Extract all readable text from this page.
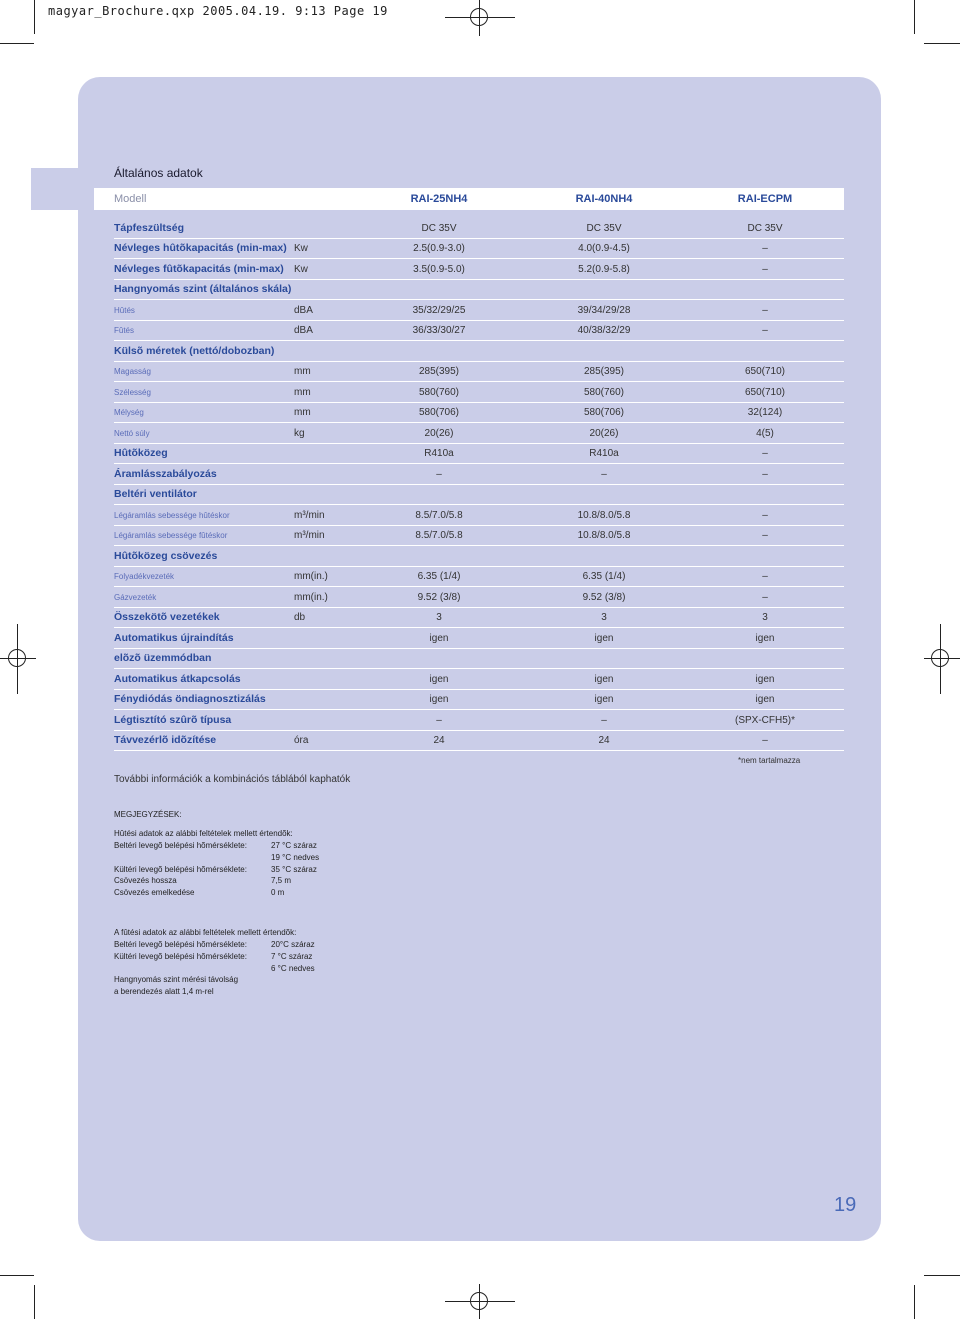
magyar_Brochure.qxp 2005.04.19. 9:13 Page 19
Általános adatok
Modell	RAI-25NH4	RAI-40NH4	RAI-ECPM
Tápfeszültség	DC 35V	DC 35V	DC 35V
Névleges hûtõkapacitás (min-max) Kw	2.5(0.9-3.0)	4.0(0.9-4.5)	–
Névleges fûtõkapacitás (min-max) Kw	3.5(0.9-5.0)	5.2(0.9-5.8)	–
Hangnyomás szint (általános skála)
Hûtés	dBA	35/32/29/25	39/34/29/28	–
Fûtés	dBA	36/33/30/27	40/38/32/29	–
Külsõ méretek (nettó/dobozban)
Magasság	mm	285(395)	285(395)	650(710)
Szélesség	mm	580(760)	580(760)	650(710)
Mélység	mm	580(706)	580(706)	32(124)
Nettó súly	kg	20(26)	20(26)	4(5)
Hûtõközeg	R410a	R410a	–
Áramlásszabályozás	–	–	–
Beltéri ventilátor
Légáramlás sebessége hûtéskor	m³/min	8.5/7.0/5.8	10.8/8.0/5.8	–
Légáramlás sebessége fûtéskor	m³/min	8.5/7.0/5.8	10.8/8.0/5.8	–
Hûtõközeg csövezés
Folyadékvezeték	mm(in.)	6.35 (1/4)	6.35 (1/4)	–
Gázvezeték	mm(in.)	9.52 (3/8)	9.52 (3/8)	–
Összekötõ vezetékek	db	3	3	3
Automatikus újraindítás	igen	igen	igen
elõzõ üzemmódban
Automatikus átkapcsolás	igen	igen	igen
Fénydiódás öndiagnosztizálás	igen	igen	igen
Légtisztító szûrõ típusa	–	–	(SPX-CFH5)*
Távvezérlõ idõzítése	óra	24	24	–
*nem tartalmazza
További információk a kombinációs táblából kaphatók
MEGJEGYZÉSEK:
Hûtési adatok az alábbi feltételek mellett értendõk:
Beltéri levegõ belépési hõmérséklete:	27 °C száraz
19 °C nedves
Kültéri levegõ belépési hõmérséklete:	35 °C száraz
Csövezés hossza	7,5 m
Csövezés emelkedése	0 m
A fûtési adatok az alábbi feltételek mellett értendõk:
Beltéri levegõ belépési hõmérséklete:	20°C száraz
Kültéri levegõ belépési hõmérséklete:	7 °C száraz
6 °C nedves
Hangnyomás szint mérési távolság
a berendezés alatt 1,4 m-rel
19
